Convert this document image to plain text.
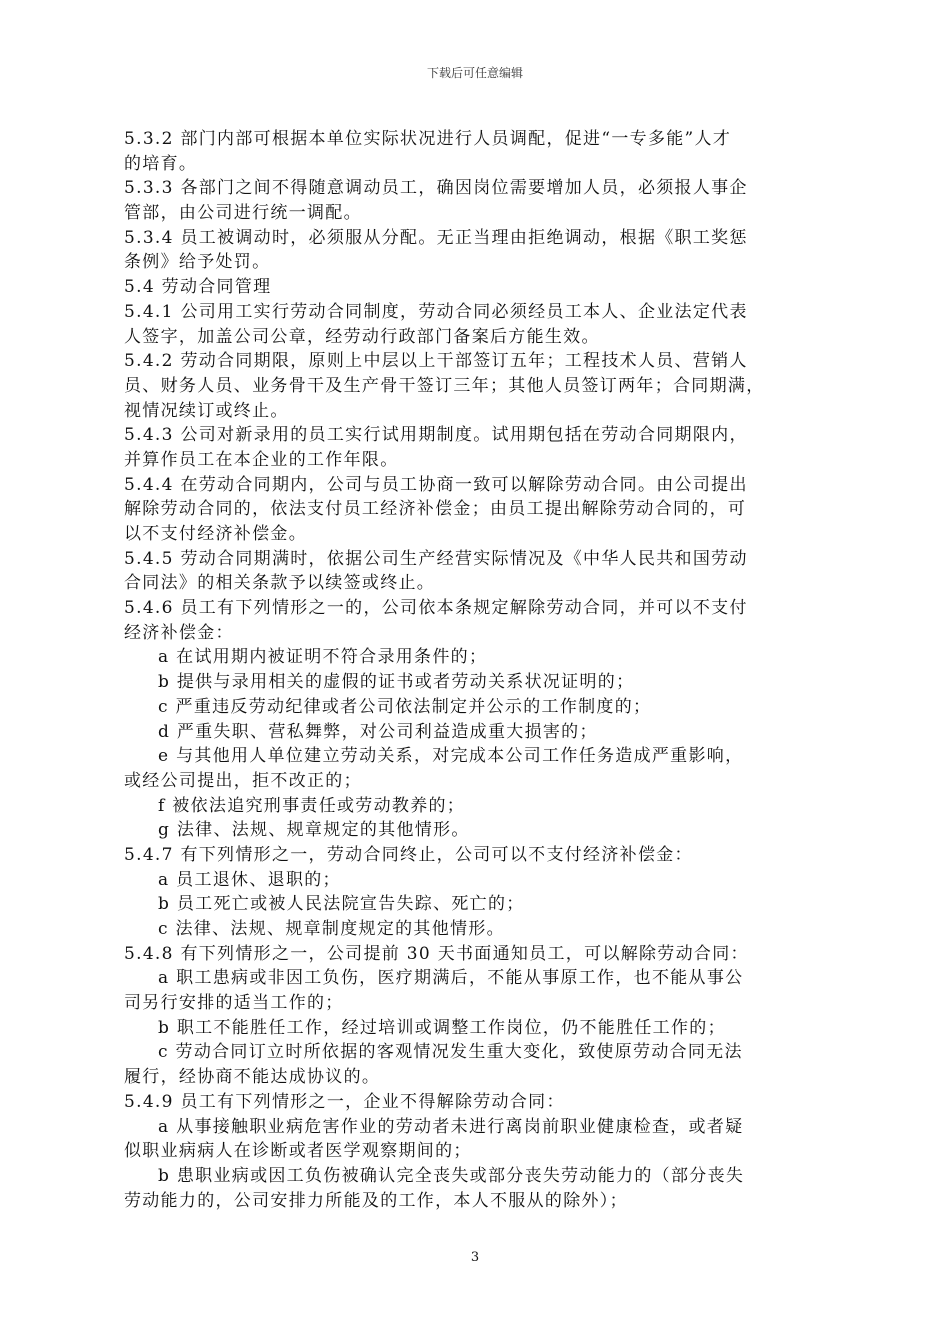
下载后可任意编辑
5.3.2 部门内部可根据本单位实际状况进行人员调配，促进“一专多能”人才
的培育。
5.3.3 各部门之间不得随意调动员工，确因岗位需要增加人员，必须报人事企
管部，由公司进行统一调配。
5.3.4 员工被调动时，必须服从分配。无正当理由拒绝调动，根据《职工奖惩
条例》给予处罚。
5.4 劳动合同管理
5.4.1 公司用工实行劳动合同制度，劳动合同必须经员工本人、企业法定代表
人签字，加盖公司公章，经劳动行政部门备案后方能生效。
5.4.2 劳动合同期限，原则上中层以上干部签订五年；工程技术人员、营销人
员、财务人员、业务骨干及生产骨干签订三年；其他人员签订两年；合同期满，
视情况续订或终止。
5.4.3 公司对新录用的员工实行试用期制度。试用期包括在劳动合同期限内，
并算作员工在本企业的工作年限。
5.4.4 在劳动合同期内，公司与员工协商一致可以解除劳动合同。由公司提出
解除劳动合同的，依法支付员工经济补偿金；由员工提出解除劳动合同的，可
以不支付经济补偿金。
5.4.5 劳动合同期满时，依据公司生产经营实际情况及《中华人民共和国劳动
合同法》的相关条款予以续签或终止。
5.4.6 员工有下列情形之一的，公司依本条规定解除劳动合同，并可以不支付
经济补偿金：
a 在试用期内被证明不符合录用条件的；
b 提供与录用相关的虚假的证书或者劳动关系状况证明的；
c 严重违反劳动纪律或者公司依法制定并公示的工作制度的；
d 严重失职、营私舞弊，对公司利益造成重大损害的；
e 与其他用人单位建立劳动关系，对完成本公司工作任务造成严重影响，
或经公司提出，拒不改正的；
f 被依法追究刑事责任或劳动教养的；
g 法律、法规、规章规定的其他情形。
5.4.7 有下列情形之一，劳动合同终止，公司可以不支付经济补偿金：
a 员工退休、退职的；
b 员工死亡或被人民法院宣告失踪、死亡的；
c 法律、法规、规章制度规定的其他情形。
5.4.8 有下列情形之一，公司提前 30 天书面通知员工，可以解除劳动合同：
a 职工患病或非因工负伤，医疗期满后，不能从事原工作，也不能从事公
司另行安排的适当工作的；
b 职工不能胜任工作，经过培训或调整工作岗位，仍不能胜任工作的；
c 劳动合同订立时所依据的客观情况发生重大变化，致使原劳动合同无法
履行，经协商不能达成协议的。
5.4.9 员工有下列情形之一，企业不得解除劳动合同：
a 从事接触职业病危害作业的劳动者未进行离岗前职业健康检查，或者疑
似职业病病人在诊断或者医学观察期间的；
b 患职业病或因工负伤被确认完全丧失或部分丧失劳动能力的（部分丧失
劳动能力的，公司安排力所能及的工作，本人不服从的除外）；
3
